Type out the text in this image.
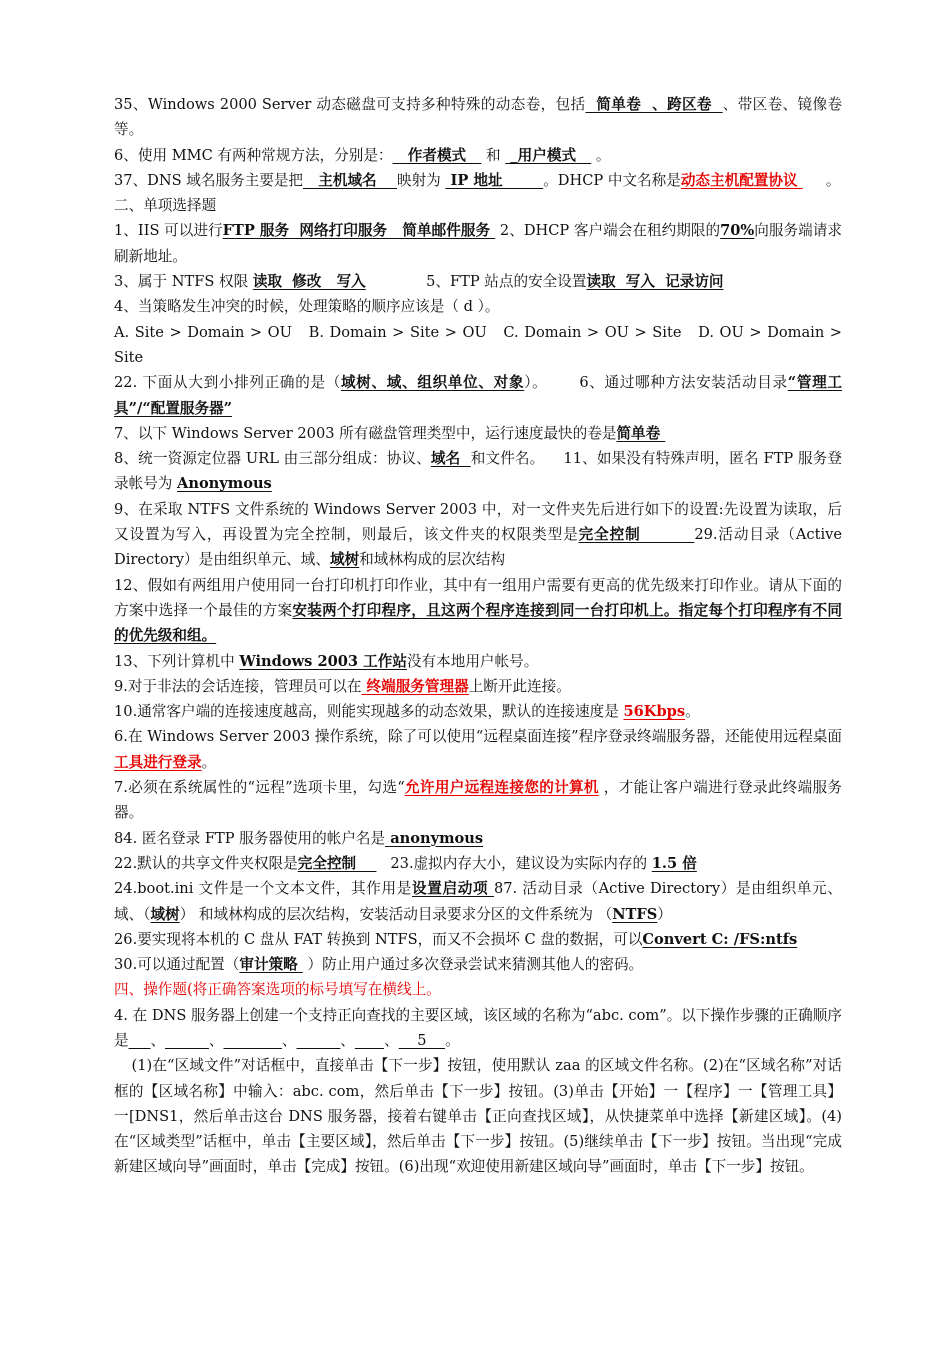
35、Windows 2000 Server 动态磁盘可支持多种特殊的动态卷，包括  简单卷  、跨区卷  、带区卷、镜像卷等。

6、使用 MMC 有两种常规方法，分别是：   作者模式    和  _用户模式    。

37、DNS 域名服务主要是把   主机域名    映射为  IP 地址        。DHCP 中文名称是动态主机配置协议      。

二、单项选择题

1、IIS 可以进行FTP 服务  网络打印服务   简单邮件服务  2、DHCP 客户端会在租约期限的70%向服务端请求刷新地址。

3、属于 NTFS 权限 读取  修改   写入	5、FTP 站点的安全设置读取  写入  记录访问

4、当策略发生冲突的时候，处理策略的顺序应该是（ d ）。

A. Site > Domain > OU   B. Domain > Site > OU   C. Domain > OU > Site   D. OU > Domain > Site

22. 下面从大到小排列正确的是（域树、域、组织单位、对象）。      6、通过哪种方法安装活动目录“管理工具”/“配置服务器”

7、以下 Windows Server 2003 所有磁盘管理类型中，运行速度最快的卷是简单卷

8、统一资源定位器 URL 由三部分组成：协议、域名  和文件名。    11、如果没有特殊声明，匿名 FTP 服务登录帐号为 Anonymous

9、在采取 NTFS 文件系统的 Windows Server 2003 中，对一文件夹先后进行如下的设置:先设置为读取，后又设置为写入，再设置为完全控制，则最后，该文件夹的权限类型是完全控制         29.活动目录（Active Directory）是由组织单元、域、域树和域林构成的层次结构

12、假如有两组用户使用同一台打印机打印作业，其中有一组用户需要有更高的优先级来打印作业。请从下面的方案中选择一个最佳的方案安装两个打印程序，且这两个程序连接到同一台打印机上。指定每个打印程序有不同的优先级和组。

13、下列计算机中 Windows 2003 工作站没有本地用户帐号。

9.对于非法的会话连接，管理员可以在 终端服务管理器上断开此连接。

10.通常客户端的连接速度越高，则能实现越多的动态效果，默认的连接速度是 56Kbps。

6.在 Windows Server 2003 操作系统，除了可以使用“远程桌面连接”程序登录终端服务器，还能使用远程桌面工具进行登录。

7.必须在系统属性的“远程”选项卡里，勾选“允许用户远程连接您的计算机 ，才能让客户端进行登录此终端服务器。

84. 匿名登录 FTP 服务器使用的帐户名是 anonymous

22.默认的共享文件夹权限是完全控制       23.虚拟内存大小，建议设为实际内存的 1.5 倍

24.boot.ini 文件是一个文本文件，其作用是设置启动项 87. 活动目录（Active Directory）是由组织单元、域、（域树） 和域林构成的层次结构，安装活动目录要求分区的文件系统为 （NTFS）

26.要实现将本机的 C 盘从 FAT 转换到 NTFS，而又不会损坏 C 盘的数据，可以Convert C: /FS:ntfs

30.可以通过配置（审计策略  ）防止用户通过多次登录尝试来猜测其他人的密码。

四、操作题(将正确答案选项的标号填写在横线上。

4. 在 DNS 服务器上创建一个支持正向查找的主要区域，该区域的名称为“abc. com”。以下操作步骤的正确顺序是___、______、________、______、____、    5    。

(1)在“区域文件”对话框中，直接单击【下一步】按钮，使用默认 zaa 的区域文件名称。(2)在“区域名称”对话框的【区域名称】中输入：abc. com，然后单击【下一步】按钮。(3)单击【开始】一【程序】一【管理工具】一[DNS1，然后单击这台 DNS 服务器，接着右键单击【正向查找区域】，从快捷菜单中选择【新建区域】。(4)在“区域类型”话框中，单击【主要区域】，然后单击【下一步】按钮。(5)继续单击【下一步】按钮。当出现“完成新建区域向导”画面时，单击【完成】按钮。(6)出现“欢迎使用新建区域向导”画面时，单击【下一步】按钮。
